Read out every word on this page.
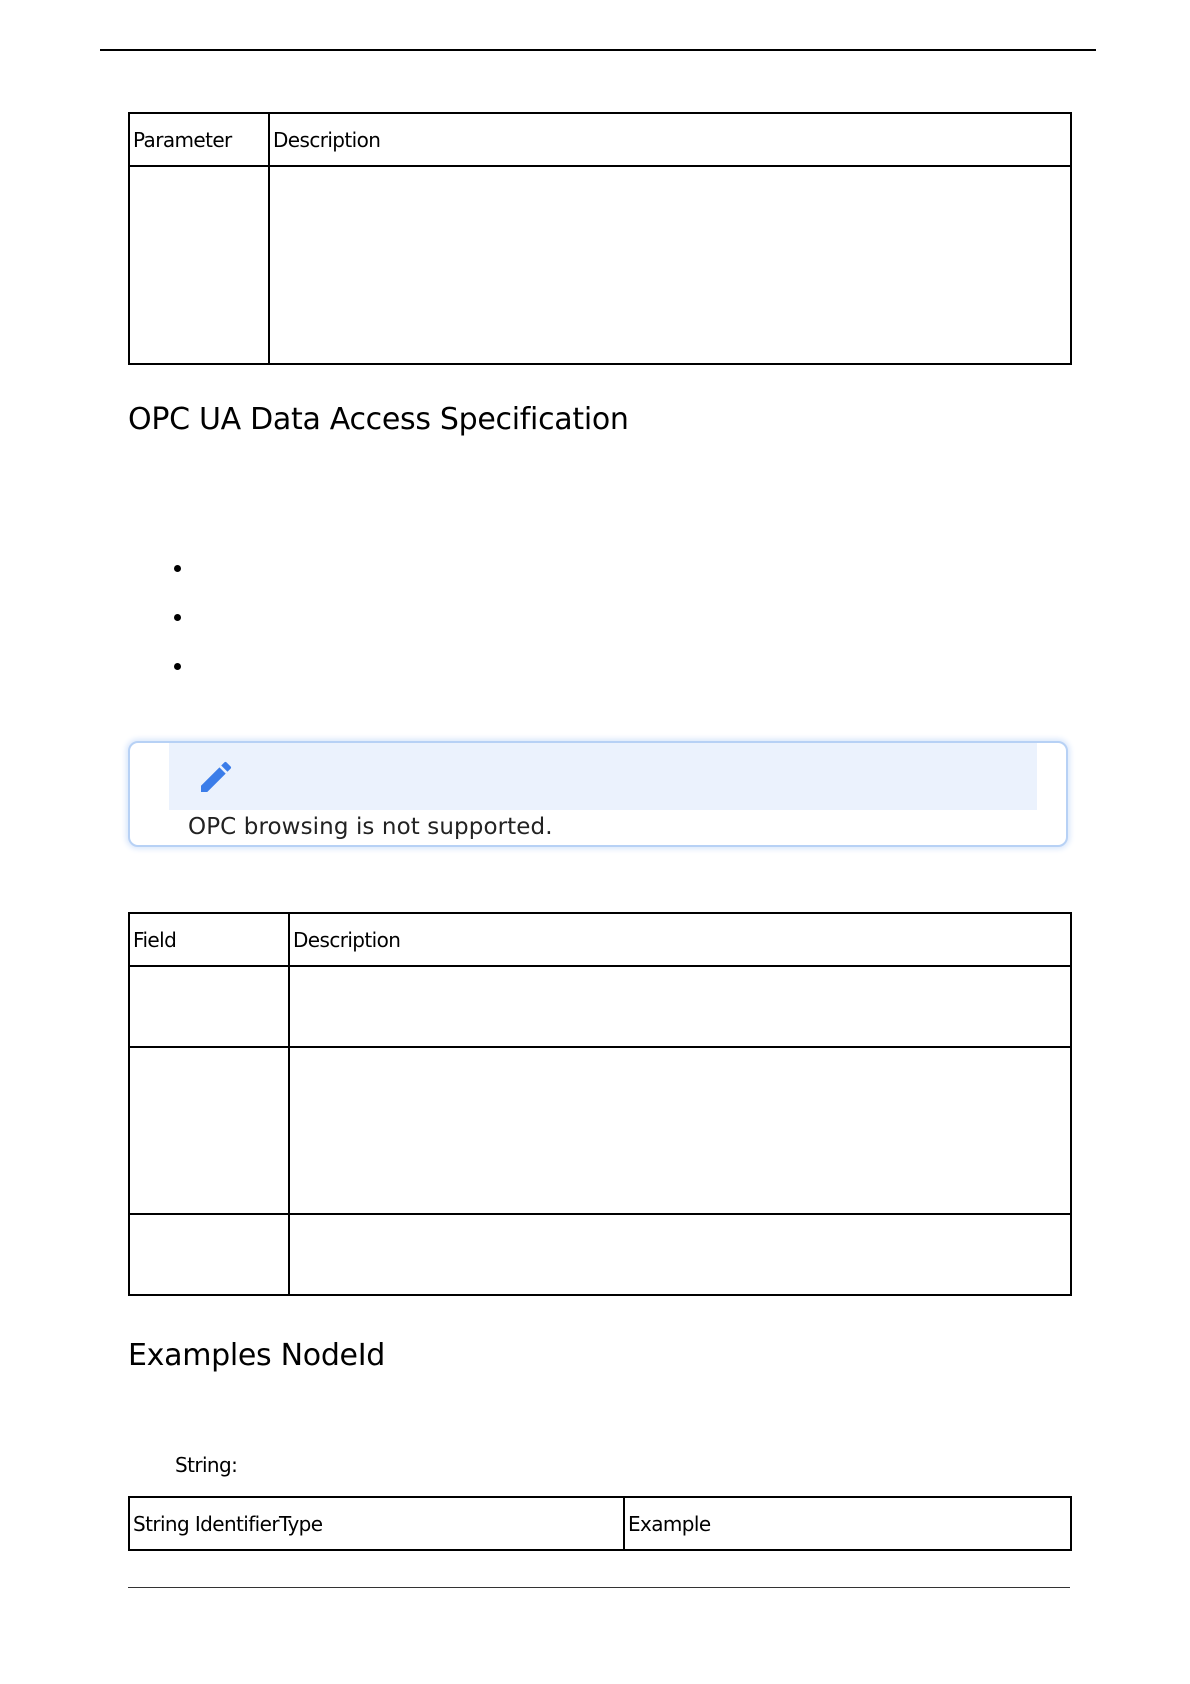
Parameter	Description

OPC UA Data Access Specification
OPC browsing is not supported.
Field	Description

Examples NodeId
String:
String IdentifierType	Example
